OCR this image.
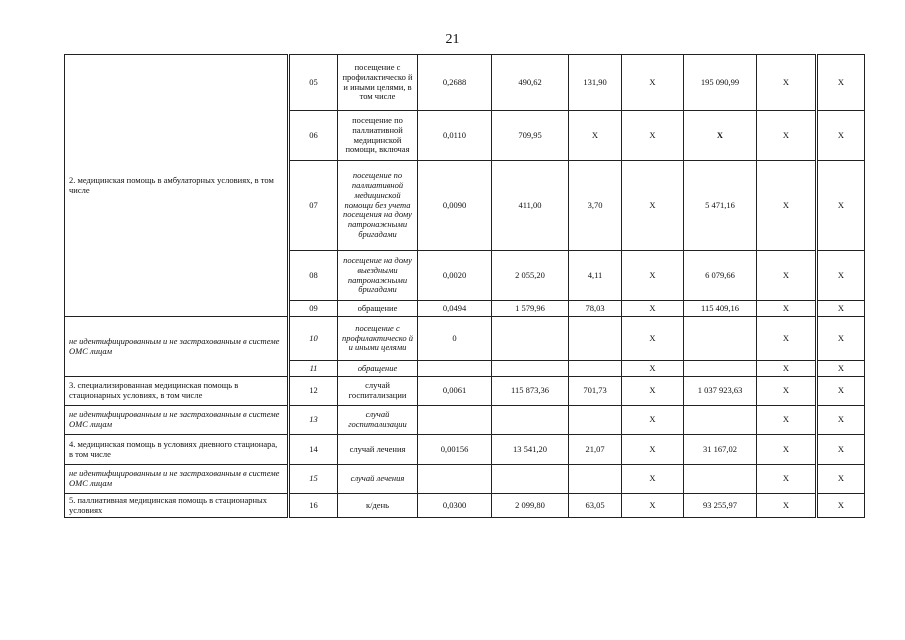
21
2. медицинская помощь в амбулаторных условиях, в том числе	05	посещение с профилактическо й и иными целями, в том числе	0,2688	490,62	131,90	Х	195 090,99	Х	Х
	06	посещение по паллиативной медицинской помощи, включая	0,0110	709,95	Х	Х	Х	Х	Х
	07	посещение по паллиативной медицинской помощи без учета посещения на дому патронажными бригадами	0,0090	411,00	3,70	Х	5 471,16	Х	Х
	08	посещение на дому выездными патронажными бригадами	0,0020	2 055,20	4,11	Х	6 079,66	Х	Х
	09	обращение	0,0494	1 579,96	78,03	Х	115 409,16	Х	Х
не идентифицированным и не застрахованным в системе ОМС лицам	10	посещение с профилактическо й и иными целями	0			Х		Х	Х
	11	обращение				Х		Х	Х
3. специализированная медицинская помощь в стационарных условиях, в том числе	12	случай госпитализации	0,0061	115 873,36	701,73	Х	1 037 923,63	Х	Х
не идентифицированным и не застрахованным в системе ОМС лицам	13	случай госпитализации				Х		Х	Х
4. медицинская помощь в условиях дневного стационара, в том числе	14	случай лечения	0,00156	13 541,20	21,07	Х	31 167,02	Х	Х
не идентифицированным и не застрахованным в системе ОМС лицам	15	случай лечения				Х		Х	Х
5. паллиативная медицинская помощь в стационарных условиях	16	к/день	0,0300	2 099,80	63,05	Х	93 255,97	Х	Х
